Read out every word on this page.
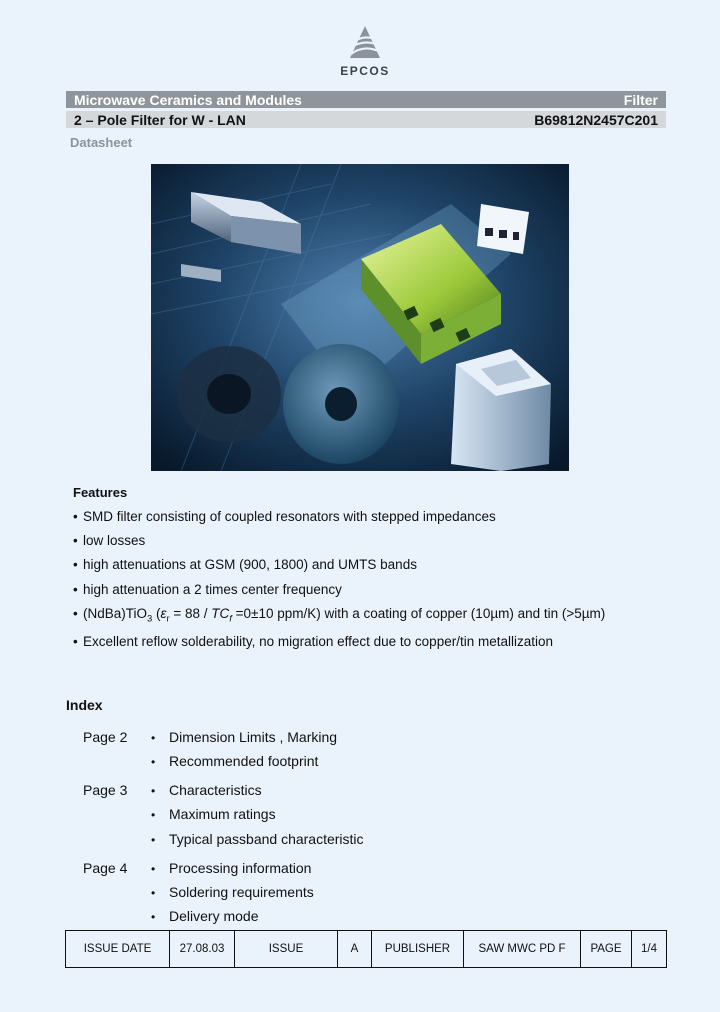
EPCOS
Microwave Ceramics and Modules	Filter
2 – Pole Filter for W - LAN	B69812N2457C201
Datasheet
Features
• SMD filter consisting of coupled resonators with stepped impedances
• low losses
• high attenuations at GSM (900, 1800) and UMTS bands
• high attenuation a 2 times center frequency
• (NdBa)TiO$_3$ ($\varepsilon_r = 88 / TC_f =0\pm 10$ ppm/K) with a coating of copper (10µm) and tin (>5µm)
• Excellent reflow solderability, no migration effect due to copper/tin metallization
Index
Page 2 • Dimension Limits , Marking
• Recommended footprint
Page 3 • Characteristics
• Maximum ratings
• Typical passband characteristic
Page 4 • Processing information
• Soldering requirements
• Delivery mode
ISSUE DATE	27.08.03	ISSUE	A	PUBLISHER	SAW MWC PD F	PAGE	1/4
